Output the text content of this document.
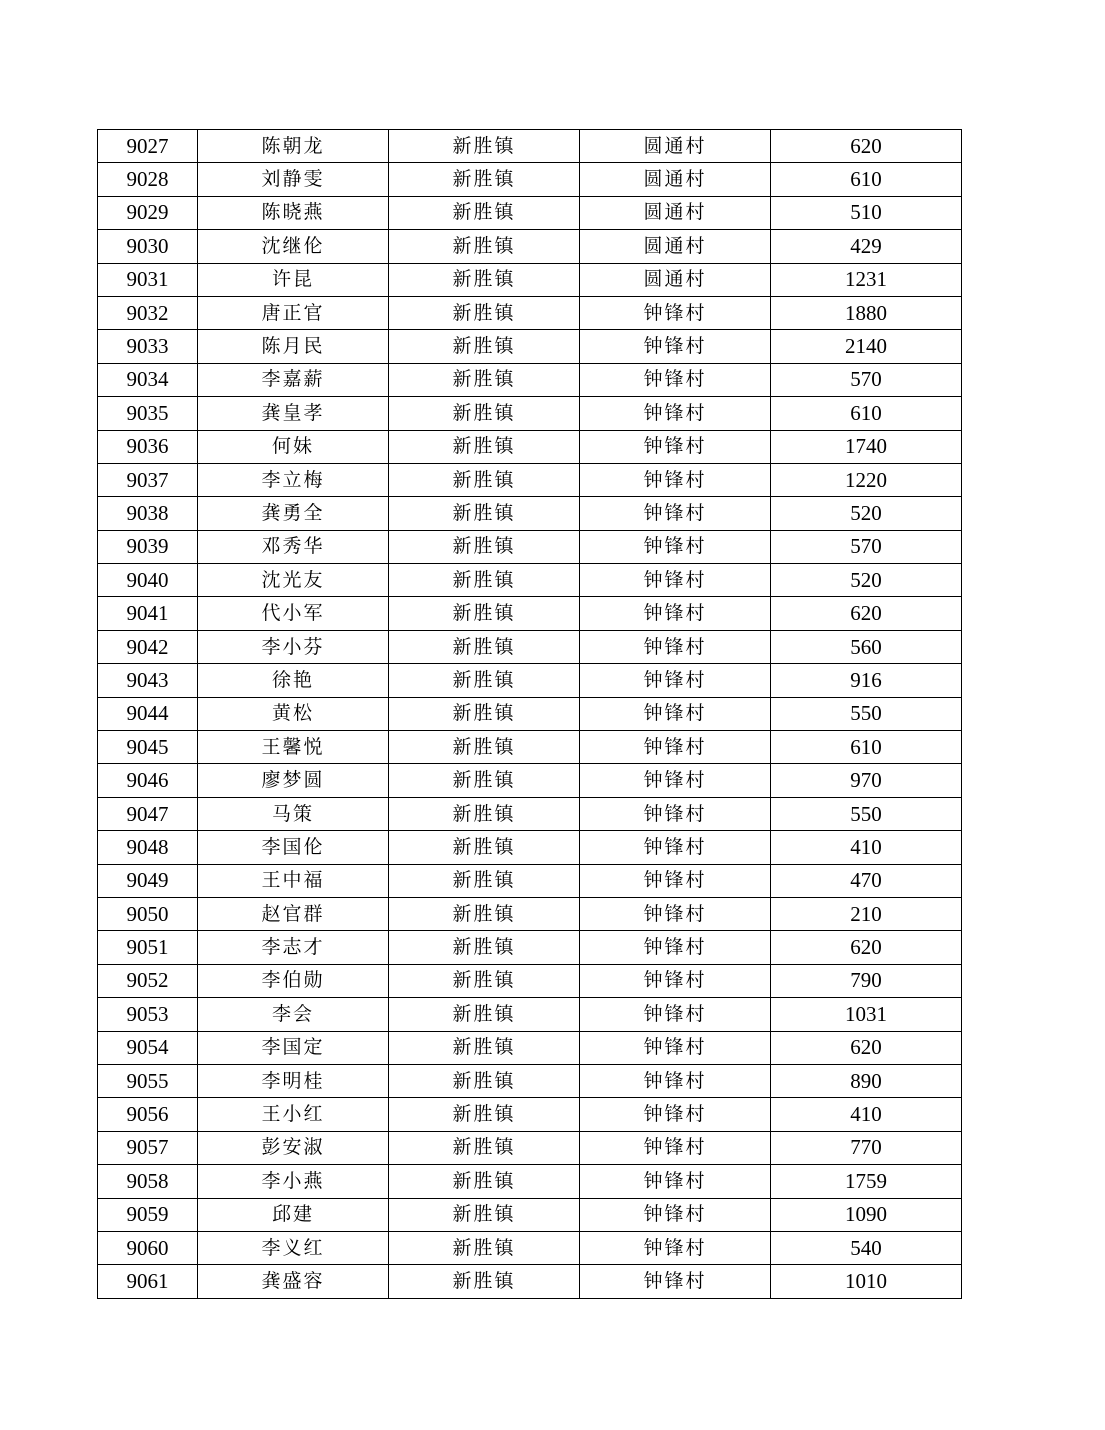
9027	陈朝龙	新胜镇	圆通村	620
9028	刘静雯	新胜镇	圆通村	610
9029	陈晓燕	新胜镇	圆通村	510
9030	沈继伦	新胜镇	圆通村	429
9031	许昆	新胜镇	圆通村	1231
9032	唐正官	新胜镇	钟锋村	1880
9033	陈月民	新胜镇	钟锋村	2140
9034	李嘉薪	新胜镇	钟锋村	570
9035	龚皇孝	新胜镇	钟锋村	610
9036	何妹	新胜镇	钟锋村	1740
9037	李立梅	新胜镇	钟锋村	1220
9038	龚勇全	新胜镇	钟锋村	520
9039	邓秀华	新胜镇	钟锋村	570
9040	沈光友	新胜镇	钟锋村	520
9041	代小军	新胜镇	钟锋村	620
9042	李小芬	新胜镇	钟锋村	560
9043	徐艳	新胜镇	钟锋村	916
9044	黄松	新胜镇	钟锋村	550
9045	王馨悦	新胜镇	钟锋村	610
9046	廖梦圆	新胜镇	钟锋村	970
9047	马策	新胜镇	钟锋村	550
9048	李国伦	新胜镇	钟锋村	410
9049	王中福	新胜镇	钟锋村	470
9050	赵官群	新胜镇	钟锋村	210
9051	李志才	新胜镇	钟锋村	620
9052	李伯勋	新胜镇	钟锋村	790
9053	李会	新胜镇	钟锋村	1031
9054	李国定	新胜镇	钟锋村	620
9055	李明桂	新胜镇	钟锋村	890
9056	王小红	新胜镇	钟锋村	410
9057	彭安淑	新胜镇	钟锋村	770
9058	李小燕	新胜镇	钟锋村	1759
9059	邱建	新胜镇	钟锋村	1090
9060	李义红	新胜镇	钟锋村	540
9061	龚盛容	新胜镇	钟锋村	1010
